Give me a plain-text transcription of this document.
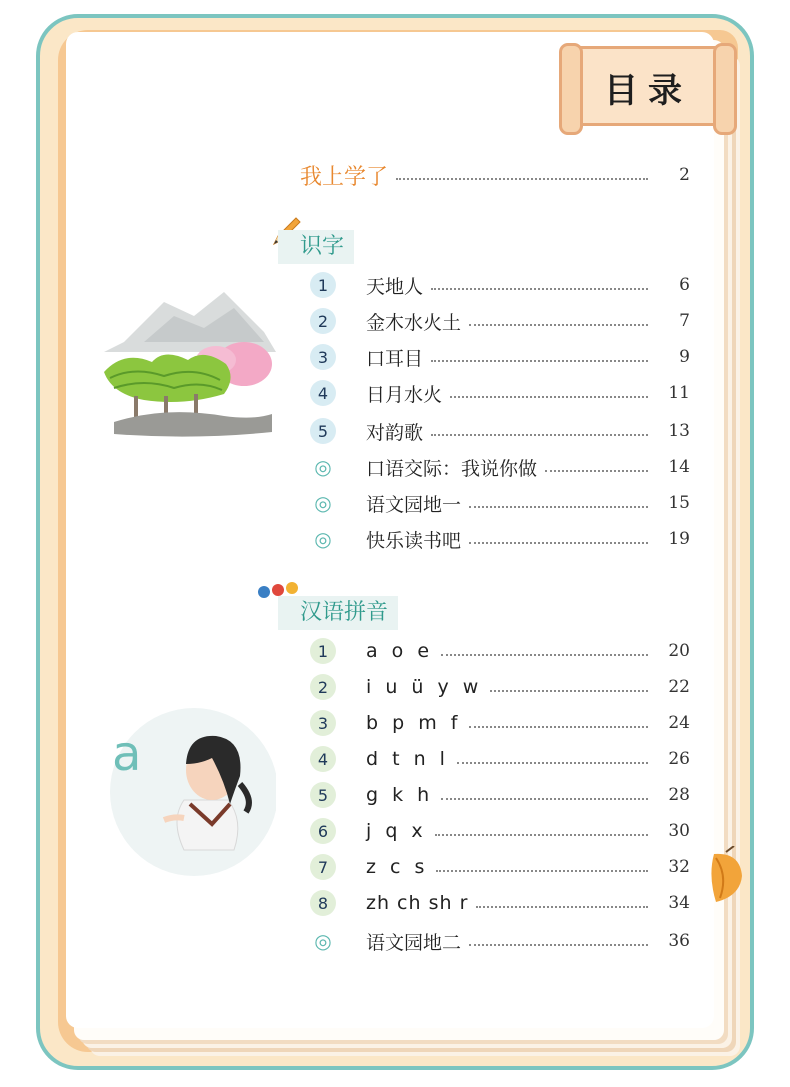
目录
我上学了	2
识字
1	天地人	6
2	金木水火土	7
3	口耳目	9
4	日月水火	11
5	对韵歌	13
◎ 口语交际：我说你做	14
◎ 语文园地一	15
◎ 快乐读书吧	19
汉语拼音
a
1	a o e	20
2	i u ü y w	22
3	b p m f	24
4	d t n l	26
5	g k h	28
6	j q x	30
7	z c s	32
8	zh ch sh r	34
◎ 语文园地二	36
